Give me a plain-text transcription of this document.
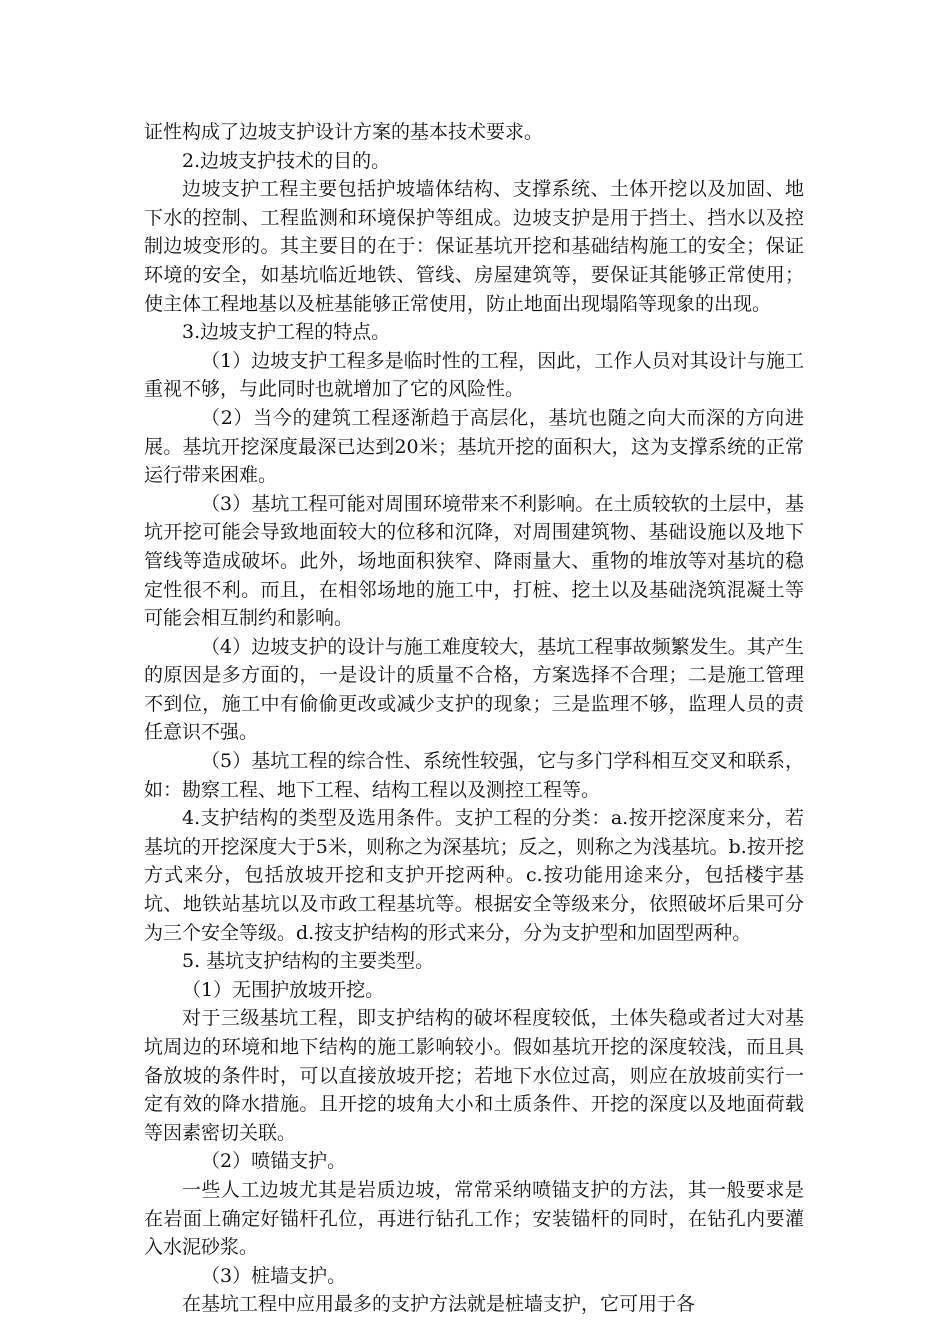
证性构成了边坡支护设计方案的基本技术要求。

2.边坡支护技术的目的。

边坡支护工程主要包括护坡墙体结构、支撑系统、土体开挖以及加固、地下水的控制、工程监测和环境保护等组成。边坡支护是用于挡土、挡水以及控制边坡变形的。其主要目的在于：保证基坑开挖和基础结构施工的安全；保证环境的安全，如基坑临近地铁、管线、房屋建筑等，要保证其能够正常使用；使主体工程地基以及桩基能够正常使用，防止地面出现塌陷等现象的出现。

3.边坡支护工程的特点。

（1）边坡支护工程多是临时性的工程，因此，工作人员对其设计与施工重视不够，与此同时也就增加了它的风险性。

（2）当今的建筑工程逐渐趋于高层化，基坑也随之向大而深的方向进展。基坑开挖深度最深已达到20米；基坑开挖的面积大，这为支撑系统的正常运行带来困难。

（3）基坑工程可能对周围环境带来不利影响。在土质较软的土层中，基坑开挖可能会导致地面较大的位移和沉降，对周围建筑物、基础设施以及地下管线等造成破坏。此外，场地面积狭窄、降雨量大、重物的堆放等对基坑的稳定性很不利。而且，在相邻场地的施工中，打桩、挖土以及基础浇筑混凝土等可能会相互制约和影响。

（4）边坡支护的设计与施工难度较大，基坑工程事故频繁发生。其产生的原因是多方面的，一是设计的质量不合格，方案选择不合理；二是施工管理不到位，施工中有偷偷更改或减少支护的现象；三是监理不够，监理人员的责任意识不强。

（5）基坑工程的综合性、系统性较强，它与多门学科相互交叉和联系，如：勘察工程、地下工程、结构工程以及测控工程等。

4.支护结构的类型及选用条件。支护工程的分类：a.按开挖深度来分，若基坑的开挖深度大于5米，则称之为深基坑；反之，则称之为浅基坑。b.按开挖方式来分，包括放坡开挖和支护开挖两种。c.按功能用途来分，包括楼宇基坑、地铁站基坑以及市政工程基坑等。根据安全等级来分，依照破坏后果可分为三个安全等级。d.按支护结构的形式来分，分为支护型和加固型两种。

5. 基坑支护结构的主要类型。

（1）无围护放坡开挖。

对于三级基坑工程，即支护结构的破坏程度较低，土体失稳或者过大对基坑周边的环境和地下结构的施工影响较小。假如基坑开挖的深度较浅，而且具备放坡的条件时，可以直接放坡开挖；若地下水位过高，则应在放坡前实行一定有效的降水措施。且开挖的坡角大小和土质条件、开挖的深度以及地面荷载等因素密切关联。

（2）喷锚支护。

一些人工边坡尤其是岩质边坡，常常采纳喷锚支护的方法，其一般要求是在岩面上确定好锚杆孔位，再进行钻孔工作；安装锚杆的同时，在钻孔内要灌入水泥砂浆。

（3）桩墙支护。

在基坑工程中应用最多的支护方法就是桩墙支护，它可用于各
